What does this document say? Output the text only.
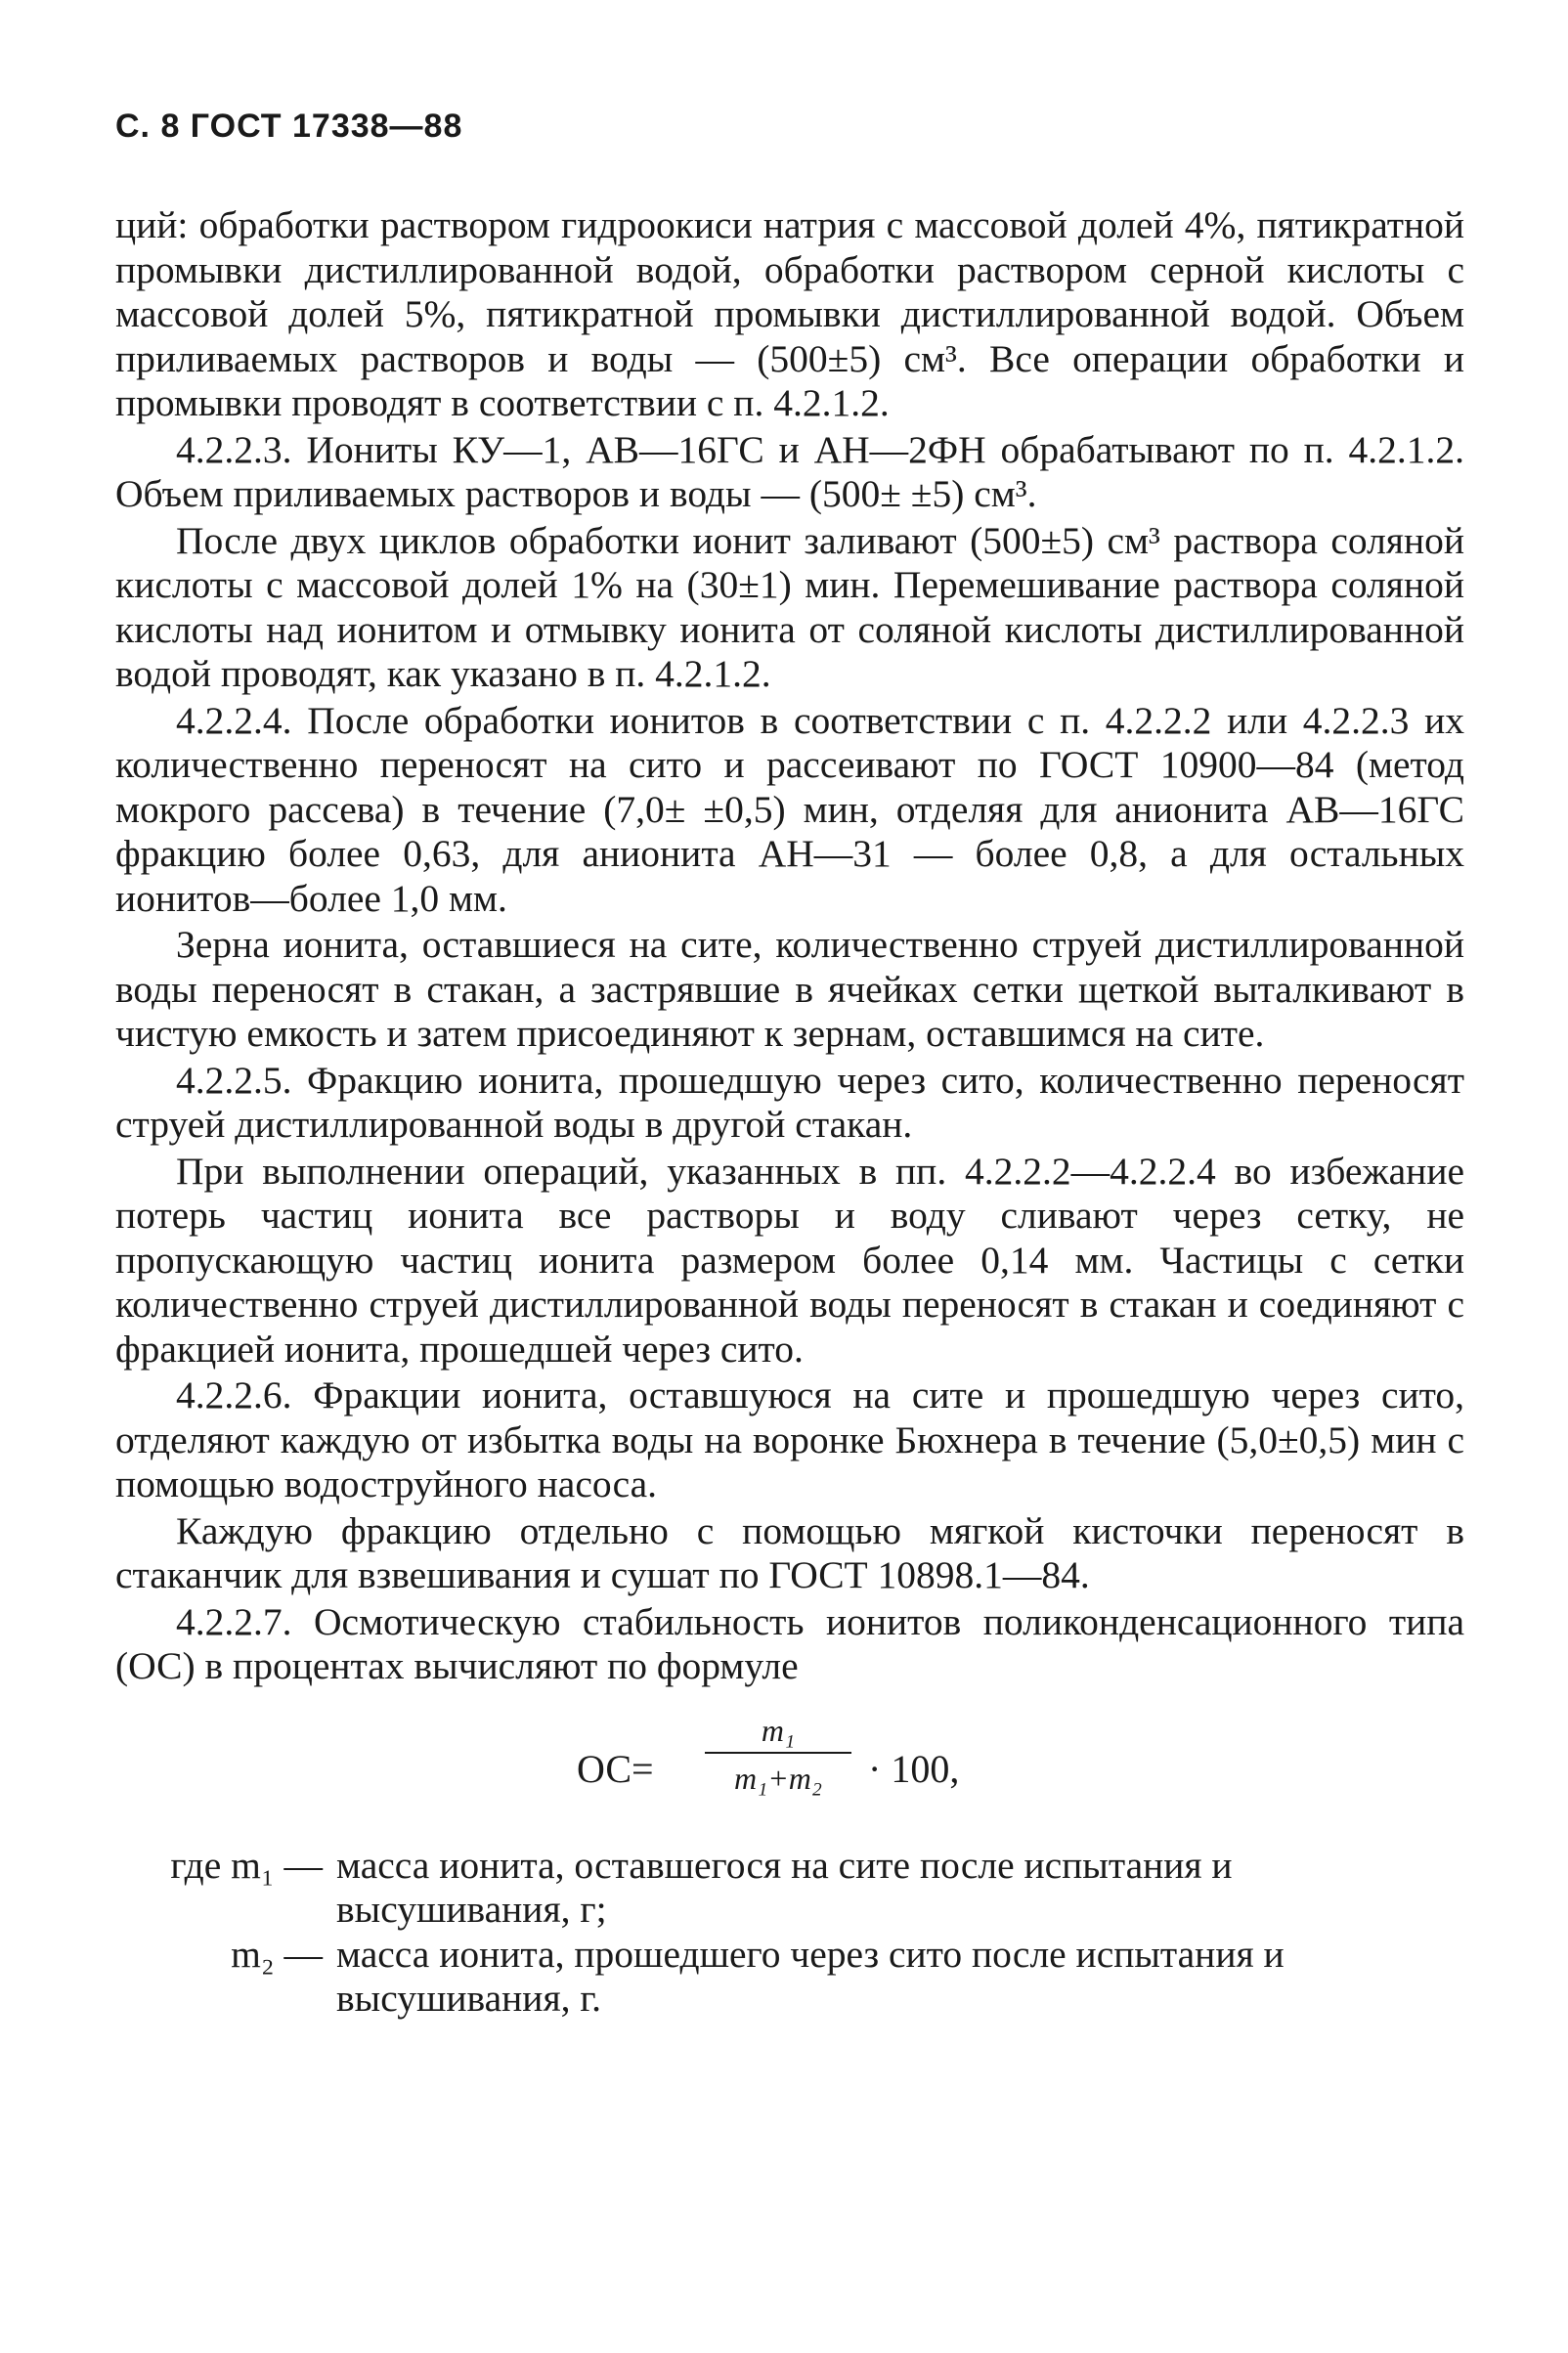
С. 8 ГОСТ 17338—88

ций: обработки раствором гидроокиси натрия с массовой долей 4%, пятикратной промывки дистиллированной водой, обработки раствором серной кислоты с массовой долей 5%, пятикратной промывки дистиллированной водой. Объем приливаемых растворов и воды — (500±5) см³. Все операции обработки и промывки проводят в соответствии с п. 4.2.1.2.

4.2.2.3. Иониты КУ—1, АВ—16ГС и АН—2ФН обрабатывают по п. 4.2.1.2. Объем приливаемых растворов и воды — (500± ±5) см³.

После двух циклов обработки ионит заливают (500±5) см³ раствора соляной кислоты с массовой долей 1% на (30±1) мин. Перемешивание раствора соляной кислоты над ионитом и отмывку ионита от соляной кислоты дистиллированной водой проводят, как указано в п. 4.2.1.2.

4.2.2.4. После обработки ионитов в соответствии с п. 4.2.2.2 или 4.2.2.3 их количественно переносят на сито и рассеивают по ГОСТ 10900—84 (метод мокрого рассева) в течение (7,0± ±0,5) мин, отделяя для анионита АВ—16ГС фракцию более 0,63, для анионита АН—31 — более 0,8, а для остальных ионитов—более 1,0 мм.

Зерна ионита, оставшиеся на сите, количественно струей дистиллированной воды переносят в стакан, а застрявшие в ячейках сетки щеткой выталкивают в чистую емкость и затем присоединяют к зернам, оставшимся на сите.

4.2.2.5. Фракцию ионита, прошедшую через сито, количественно переносят струей дистиллированной воды в другой стакан.

При выполнении операций, указанных в пп. 4.2.2.2—4.2.2.4 во избежание потерь частиц ионита все растворы и воду сливают через сетку, не пропускающую частиц ионита размером более 0,14 мм. Частицы с сетки количественно струей дистиллированной воды переносят в стакан и соединяют с фракцией ионита, прошедшей через сито.

4.2.2.6. Фракции ионита, оставшуюся на сите и прошедшую через сито, отделяют каждую от избытка воды на воронке Бюхнера в течение (5,0±0,5) мин с помощью водоструйного насоса.

Каждую фракцию отдельно с помощью мягкой кисточки переносят в стаканчик для взвешивания и сушат по ГОСТ 10898.1—84.

4.2.2.7. Осмотическую стабильность ионитов поликонденсационного типа (ОС) в процентах вычисляют по формуле

ОС=
m₁
m₁+m₂	· 100,
где m₁ — масса ионита, оставшегося на сите после испытания и высушивания, г;
m₂ — масса ионита, прошедшего через сито после испытания и высушивания, г.
